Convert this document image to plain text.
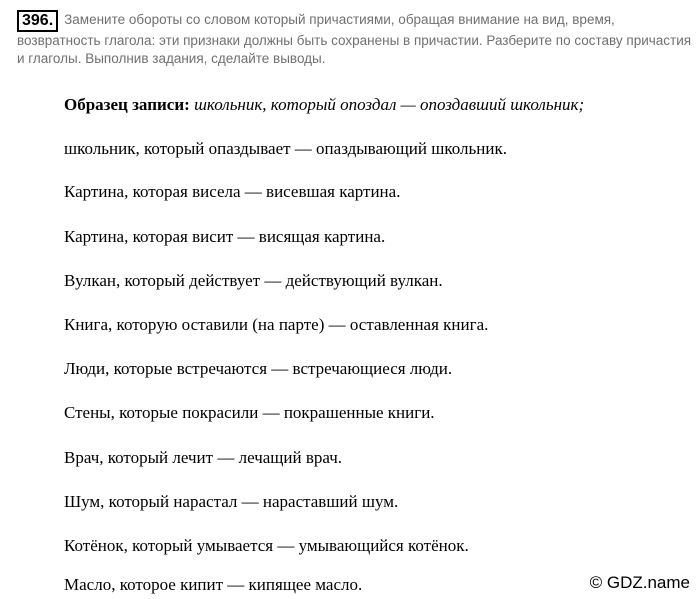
396. Замените обороты со словом который причастиями, обращая внимание на вид, время, возвратность глагола: эти признаки должны быть сохранены в причастии. Разберите по составу причастия и глаголы. Выполнив задания, сделайте выводы.
Образец записи: школьник, который опоздал — опоздавший школьник;
школьник, который опаздывает — опаздывающий школьник.
Картина, которая висела — висевшая картина.
Картина, которая висит — висящая картина.
Вулкан, который действует — действующий вулкан.
Книга, которую оставили (на парте) — оставленная книга.
Люди, которые встречаются — встречающиеся люди.
Стены, которые покрасили — покрашенные книги.
Врач, который лечит — лечащий врач.
Шум, который нарастал — нараставший шум.
Котёнок, который умывается — умывающийся котёнок.
Масло, которое кипит — кипящее масло.	© GDZ.name
